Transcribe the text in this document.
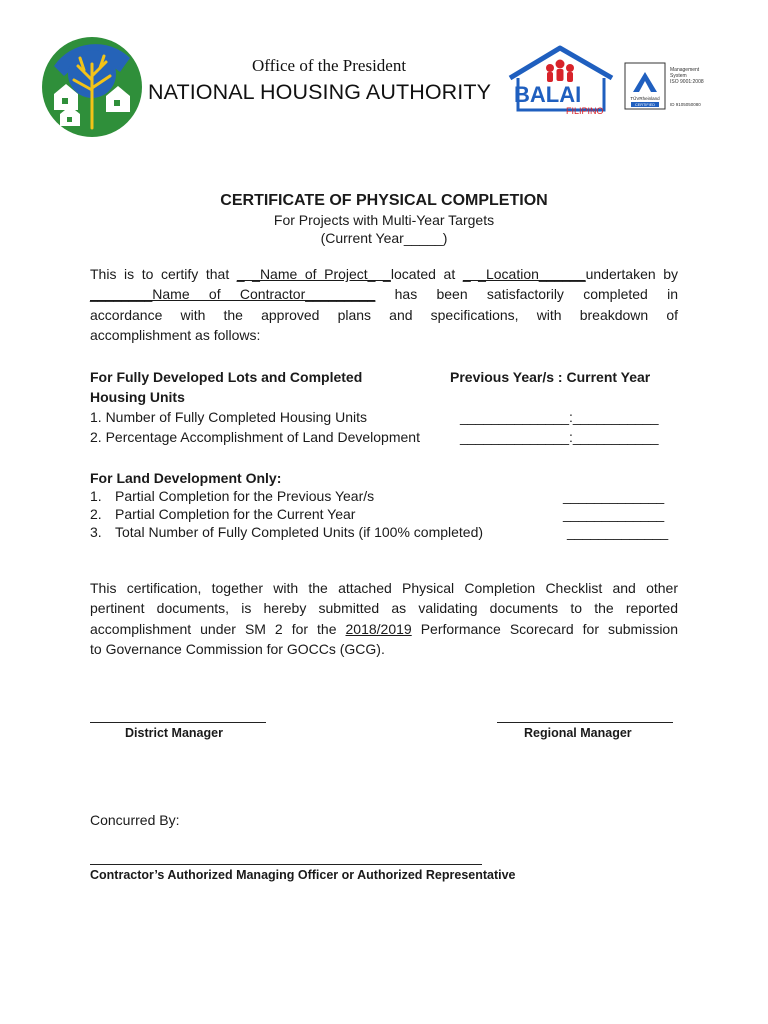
Office of the President
NATIONAL HOUSING AUTHORITY BALAI
FILIPINO
TÜVRheinland
CERTIFIED
Management
System
ISO 9001:2008
ID 9105050080
CERTIFICATE OF PHYSICAL COMPLETION
For Projects with Multi-Year Targets
(Current Year_____)
This is to certify that _ _Name of Project_ _located at _ _Location______undertaken by
________Name of Contractor_________ has been satisfactorily completed in
accordance with the approved plans and specifications, with breakdown of
accomplishment as follows:
For Fully Developed Lots and Completed	Previous Year/s : Current Year
Housing Units
1. Number of Fully Completed Housing Units	______________:___________
2. Percentage Accomplishment of Land Development	______________:___________
For Land Development Only:
1. Partial Completion for the Previous Year/s	_____________
2. Partial Completion for the Current Year	_____________
3. Total Number of Fully Completed Units (if 100% completed)	_____________
This certification, together with the attached Physical Completion Checklist and other
pertinent documents, is hereby submitted as validating documents to the reported
accomplishment under SM 2 for the 2018/2019 Performance Scorecard for submission
to Governance Commission for GOCCs (GCG).
District Manager	Regional Manager
Concurred By:
Contractor’s Authorized Managing Officer or Authorized Representative
